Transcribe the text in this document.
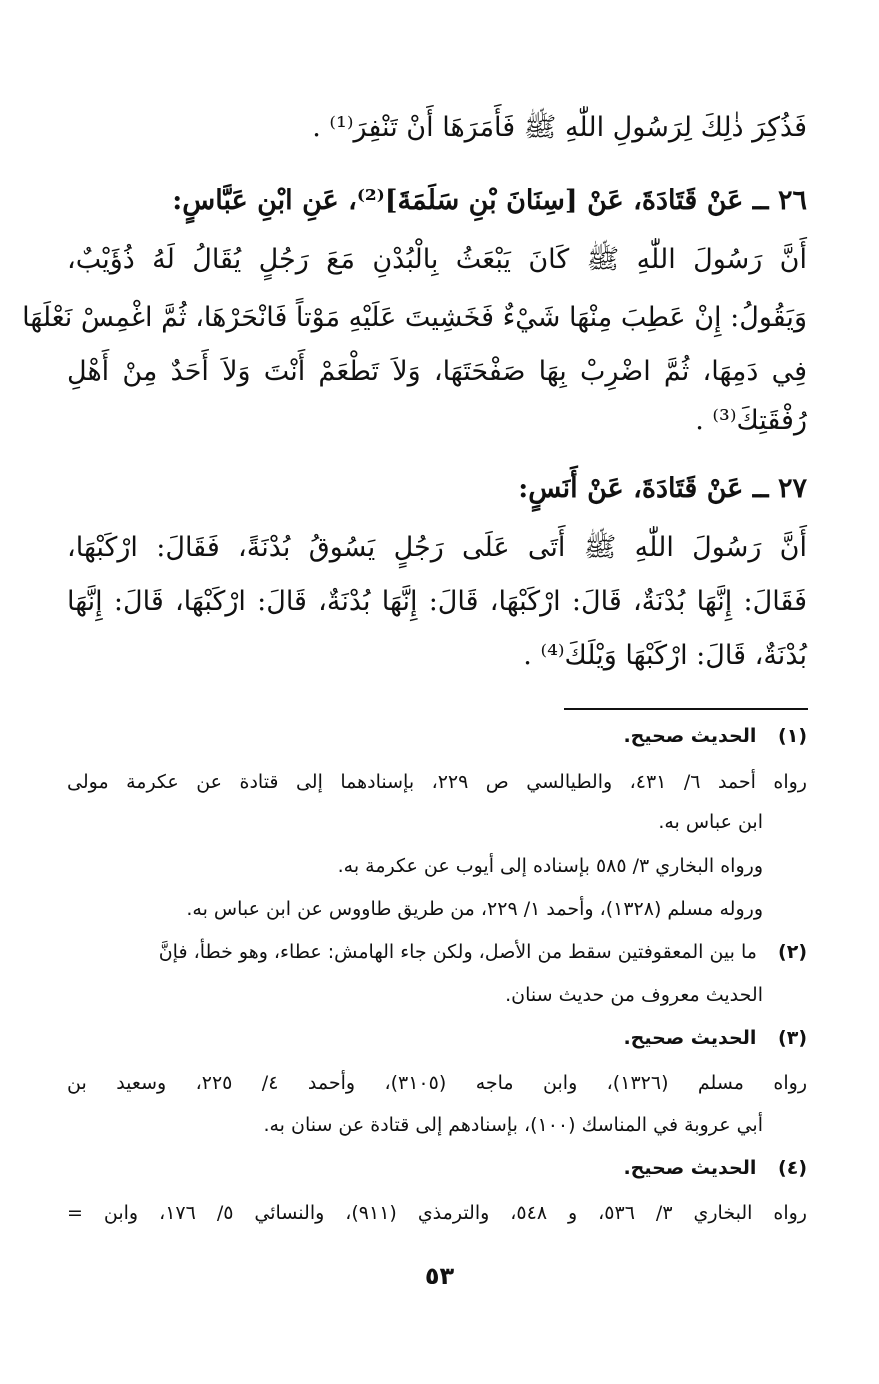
فَذُكِرَ ذٰلِكَ لِرَسُولِ اللّٰهِ ﷺ فَأَمَرَهَا أَنْ تَنْفِرَ⁽¹⁾ .
٢٦ ــ عَنْ قَتَادَةَ، عَنْ [سِنَانَ بْنِ سَلَمَةَ]⁽²⁾، عَنِ ابْنِ عَبَّاسٍ:
أَنَّ رَسُولَ اللّٰهِ ﷺ كَانَ يَبْعَثُ بِالْبُدْنِ مَعَ رَجُلٍ يُقَالُ لَهُ ذُؤَيْبٌ،
وَيَقُولُ: إِنْ عَطِبَ مِنْهَا شَيْءٌ فَخَشِيتَ عَلَيْهِ مَوْتاً فَانْحَرْهَا، ثُمَّ اغْمِسْ نَعْلَهَا
فِي دَمِهَا، ثُمَّ اضْرِبْ بِهَا صَفْحَتَهَا، وَلاَ تَطْعَمْ أَنْتَ وَلاَ أَحَدٌ مِنْ أَهْلِ
رُفْقَتِكَ⁽³⁾ .
٢٧ ــ عَنْ قَتَادَةَ، عَنْ أَنَسٍ:
أَنَّ رَسُولَ اللّٰهِ ﷺ أَتَى عَلَى رَجُلٍ يَسُوقُ بُدْنَةً، فَقَالَ: ارْكَبْهَا،
فَقَالَ: إِنَّهَا بُدْنَةٌ، قَالَ: ارْكَبْهَا، قَالَ: إِنَّهَا بُدْنَةٌ، قَالَ: ارْكَبْهَا، قَالَ: إِنَّهَا
بُدْنَةٌ، قَالَ: ارْكَبْهَا وَيْلَكَ⁽⁴⁾ .
(١) الحديث صحيح.
رواه أحمد ٦/ ٤٣١، والطيالسي ص ٢٢٩، بإسنادهما إلى قتادة عن عكرمة مولى
ابن عباس به.
ورواه البخاري ٣/ ٥٨٥ بإسناده إلى أيوب عن عكرمة به.
وروله مسلم (١٣٢٨)، وأحمد ١/ ٢٢٩، من طريق طاووس عن ابن عباس به.
(٢) ما بين المعقوفتين سقط من الأصل، ولكن جاء الهامش: عطاء، وهو خطأ، فإنَّ
الحديث معروف من حديث سنان.
(٣) الحديث صحيح.
رواه مسلم (١٣٢٦)، وابن ماجه (٣١٠٥)، وأحمد ٤/ ٢٢٥، وسعيد بن
أبي عروبة في المناسك (١٠٠)، بإسنادهم إلى قتادة عن سنان به.
(٤) الحديث صحيح.
رواه البخاري ٣/ ٥٣٦، و ٥٤٨، والترمذي (٩١١)، والنسائي ٥/ ١٧٦، وابن =
٥٣
